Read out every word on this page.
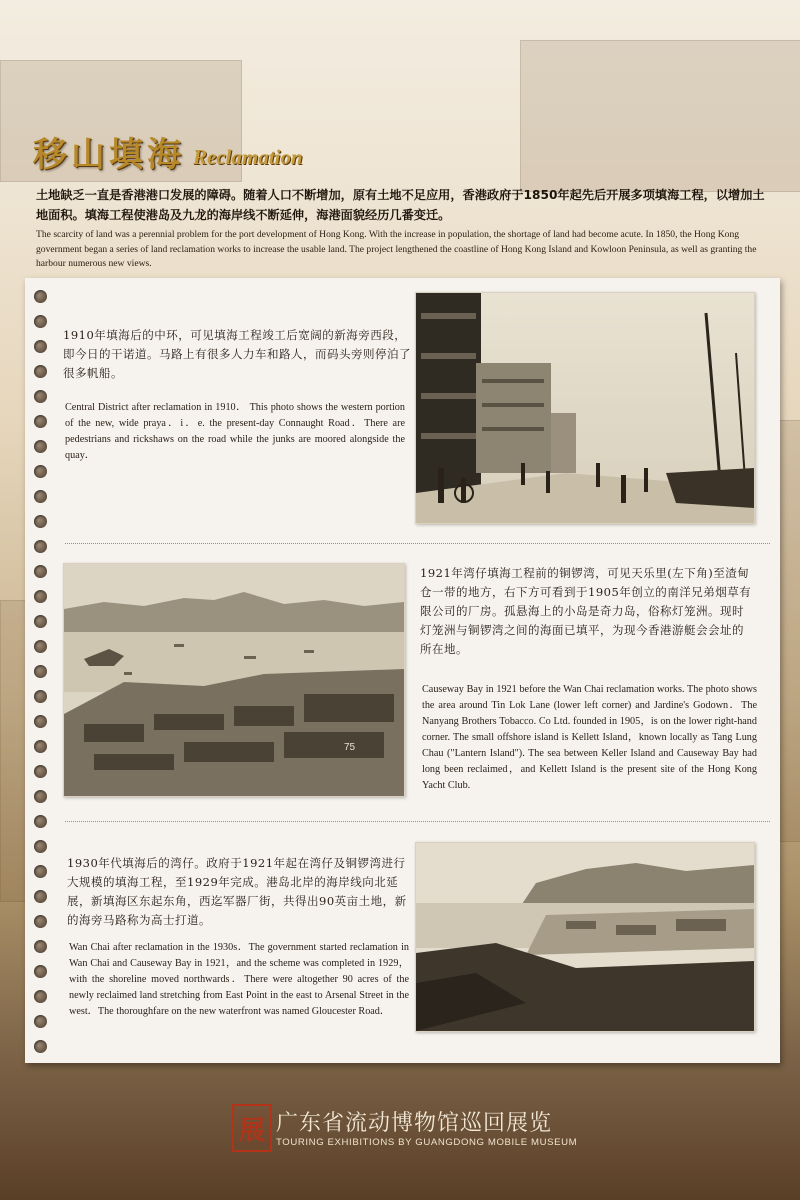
移山填海 Reclamation
土地缺乏一直是香港港口发展的障碍。随着人口不断增加，原有土地不足应用，香港政府于1850年起先后开展多项填海工程，以增加土地面积。填海工程使港岛及九龙的海岸线不断延伸，海港面貌经历几番变迁。
The scarcity of land was a perennial problem for the port development of Hong Kong. With the increase in population, the shortage of land had become acute. In 1850, the Hong Kong government began a series of land reclamation works to increase the usable land. The project lengthened the coastline of Hong Kong Island and Kowloon Peninsula, as well as granting the harbour numerous new views.
1910年填海后的中环，可见填海工程竣工后宽阔的新海旁西段，即今日的干诺道。马路上有很多人力车和路人，而码头旁则停泊了很多帆船。
Central District after reclamation in 1910． This photo shows the western portion of the new, wide praya．i．e. the present-day Connaught Road．There are pedestrians and rickshaws on the road while the junks are moored alongside the quay．
75
1921年湾仔填海工程前的铜锣湾，可见天乐里(左下角)至渣甸仓一带的地方，右下方可看到于1905年创立的南洋兄弟烟草有限公司的厂房。孤悬海上的小岛是奇力岛，俗称灯笼洲。现时灯笼洲与铜锣湾之间的海面已填平，为现今香港游艇会会址的所在地。
Causeway Bay in 1921 before the Wan Chai reclamation works. The photo shows the area around Tin Lok Lane (lower left corner) and Jardine's Godown．The Nanyang Brothers Tobacco. Co Ltd. founded in 1905，is on the lower right-hand corner. The small offshore island is Kellett Island，known locally as Tang Lung Chau ("Lantern Island"). The sea between Keller Island and Causeway Bay had long been reclaimed，and Kellett Island is the present site of the Hong Kong Yacht Club.
1930年代填海后的湾仔。政府于1921年起在湾仔及铜锣湾进行大规模的填海工程，至1929年完成。港岛北岸的海岸线向北延展，新填海区东起东角，西迄军器厂街，共得出90英亩土地，新的海旁马路称为高士打道。
Wan Chai after reclamation in the 1930s．The government started reclamation in Wan Chai and Causeway Bay in 1921，and the scheme was completed in 1929，with the shoreline moved northwards．There were altogether 90 acres of the newly reclaimed land stretching from East Point in the east to Arsenal Street in the west．The thoroughfare on the new waterfront was named Gloucester Road．
展 广东省流动博物馆巡回展览
TOURING EXHIBITIONS BY GUANGDONG MOBILE MUSEUM
